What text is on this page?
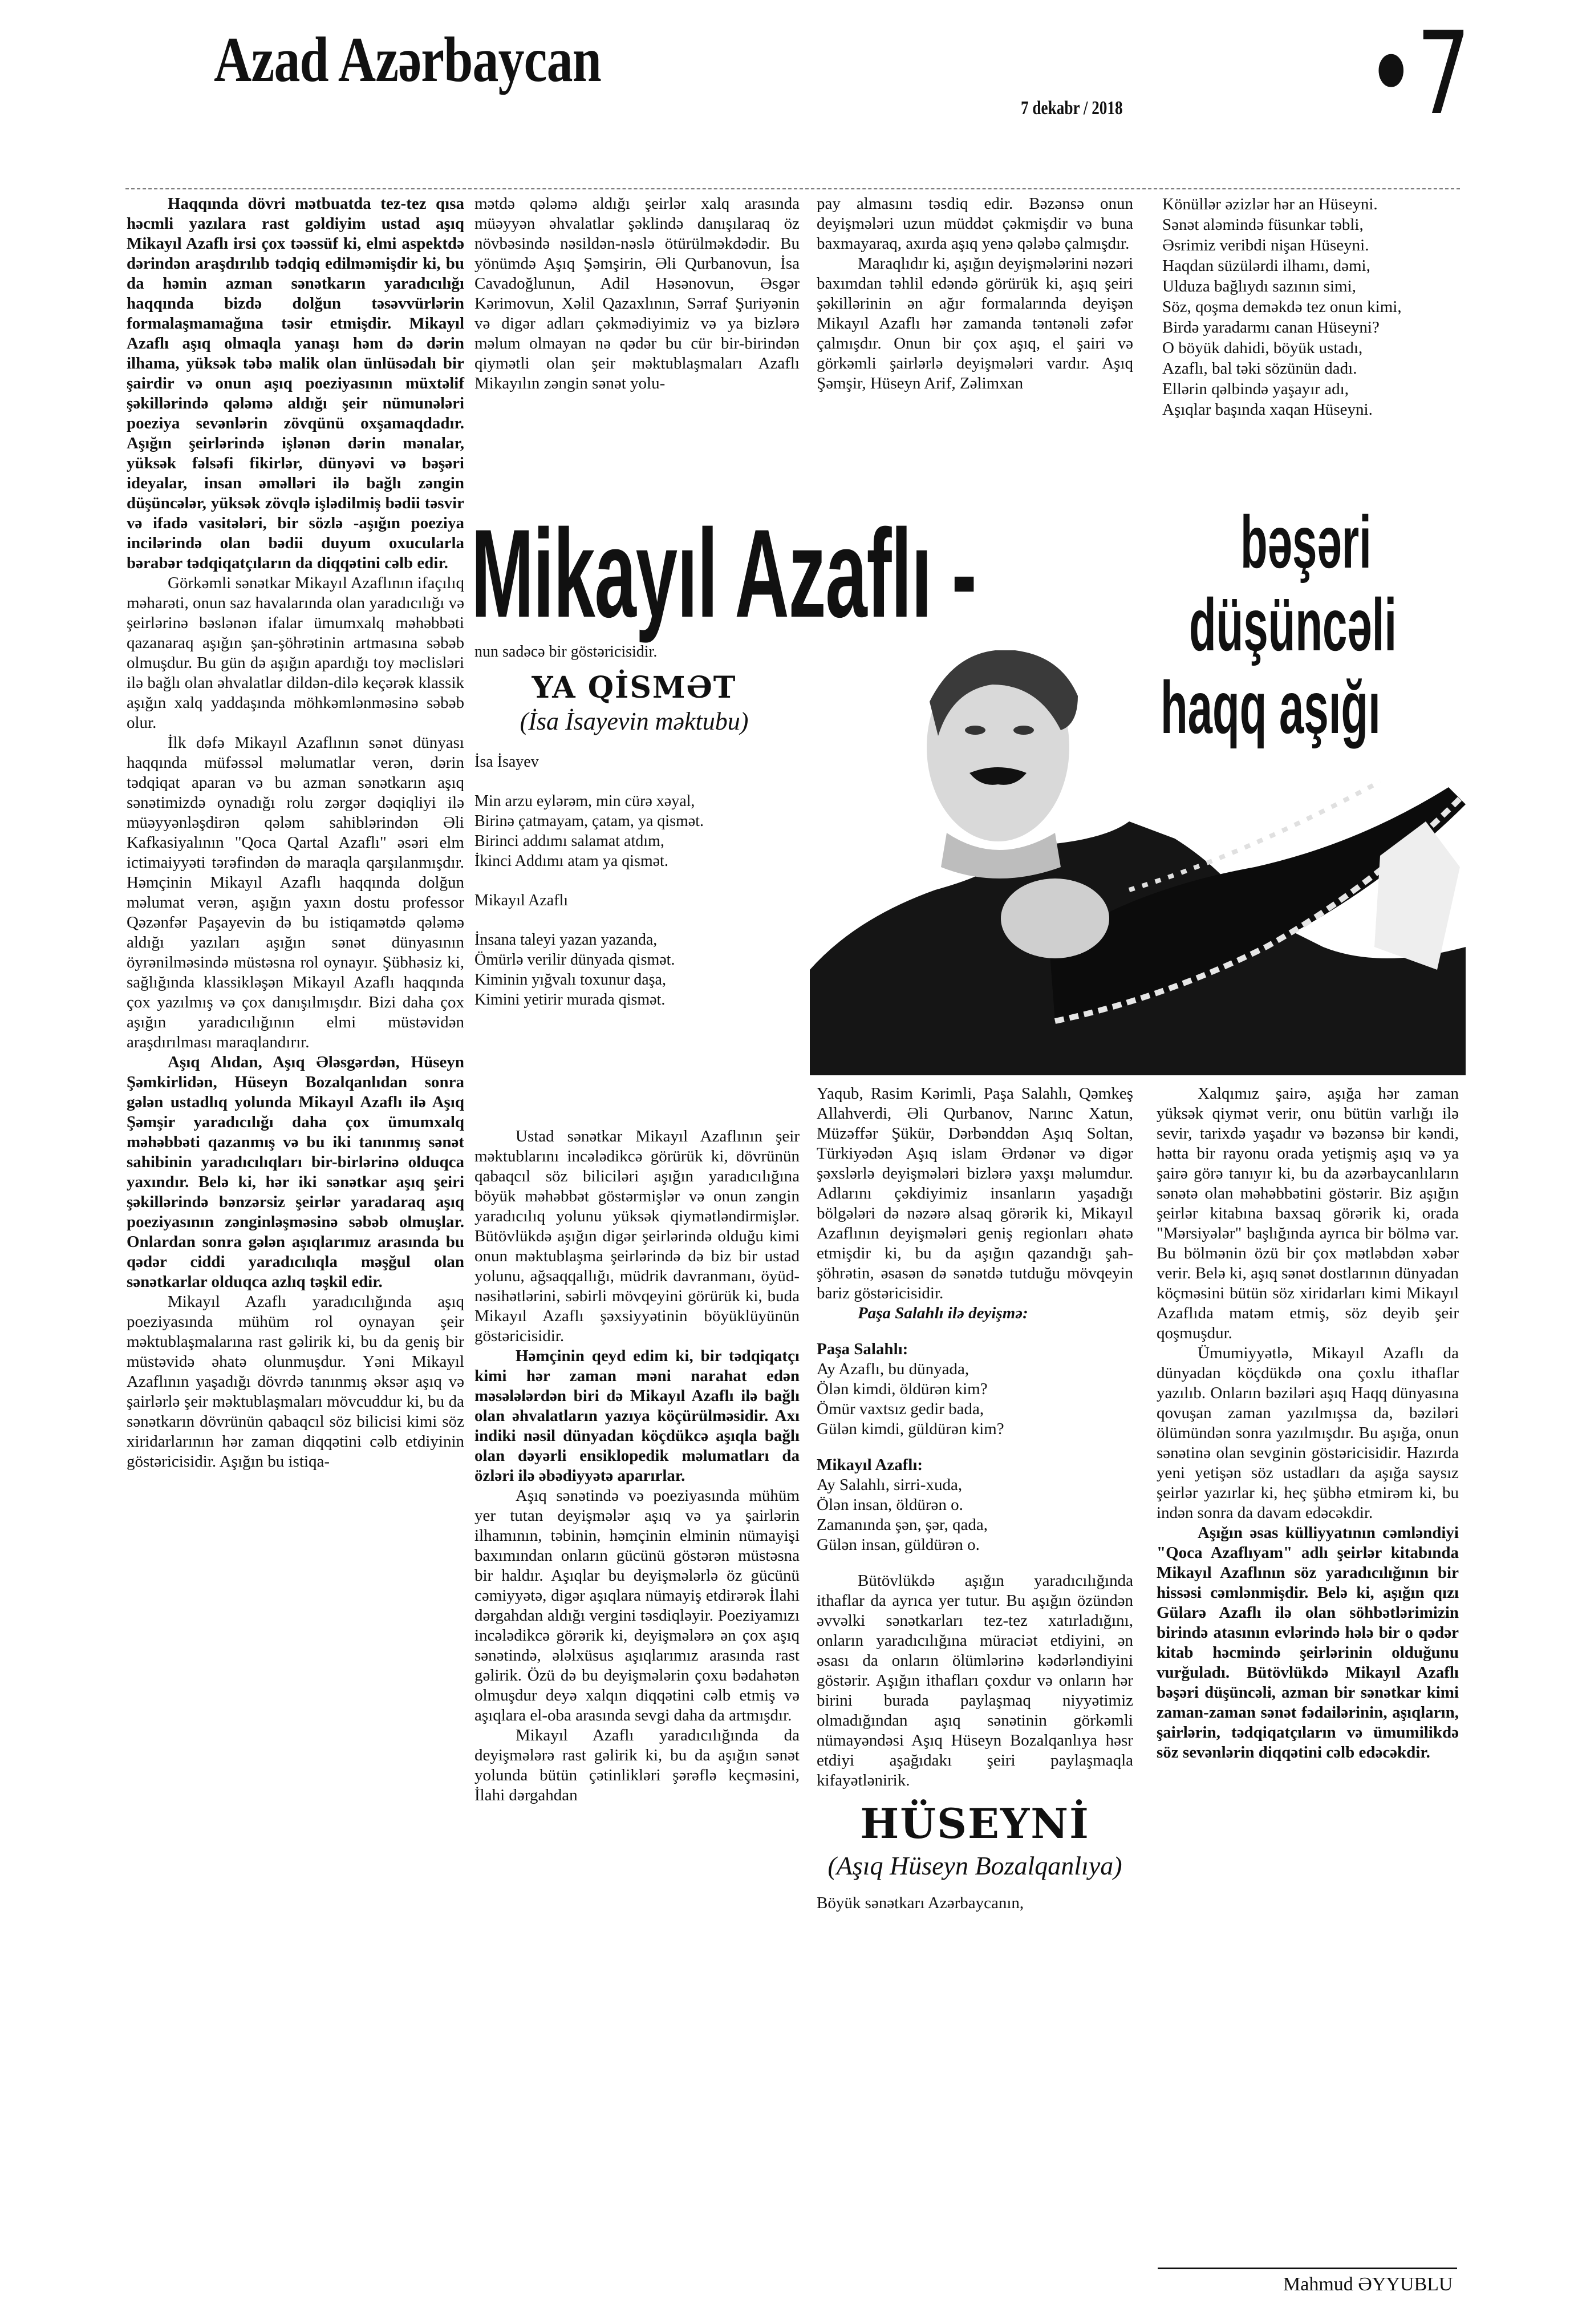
Azad Azərbaycan
7 dekabr / 2018 •7

Haqqında dövri mətbuatda tez-tez qısa həcmli yazılara rast gəldiyim ustad aşıq Mikayıl Azaflı irsi çox təəssüf ki, elmi aspektdə dərindən araşdırılıb tədqiq edilməmişdir ki, bu da həmin azman sənətkarın yaradıcılığı haqqında bizdə dolğun təsəvvürlərin formalaşmamağına təsir etmişdir. Mikayıl Azaflı aşıq olmaqla yanaşı həm də dərin ilhama, yüksək təbə malik olan ünlüsədalı bir şairdir və onun aşıq poeziyasının müxtəlif şəkillərində qələmə aldığı şeir nümunələri poeziya sevənlərin zövqünü oxşamaqdadır. Aşığın şeirlərində işlənən dərin mənalar, yüksək fəlsəfi fikirlər, dünyəvi və bəşəri ideyalar, insan əməlləri ilə bağlı zəngin düşüncələr, yüksək zövqlə işlədilmiş bədii təsvir və ifadə vasitələri, bir sözlə -aşığın poeziya incilərində olan bədii duyum oxucularla bərabər tədqiqatçıların da diqqətini cəlb edir.

Görkəmli sənətkar Mikayıl Azaflının ifaçılıq məharəti, onun saz havalarında olan yaradıcılığı və şeirlərinə bəslənən ifalar ümumxalq məhəbbəti qazanaraq aşığın şan-şöhrətinin artmasına səbəb olmuşdur. Bu gün də aşığın apardığı toy məclisləri ilə bağlı olan əhvalatlar dildən-dilə keçərək klassik aşığın xalq yaddaşında möhkəmlənməsinə səbəb olur.

İlk dəfə Mikayıl Azaflının sənət dünyası haqqında müfəssəl məlumatlar verən, dərin tədqiqat aparan və bu azman sənətkarın aşıq sənətimizdə oynadığı rolu zərgər dəqiqliyi ilə müəyyənləşdirən qələm sahiblərindən Əli Kafkasiyalının "Qoca Qartal Azaflı" əsəri elm ictimaiyyəti tərəfindən də maraqla qarşılanmışdır. Həmçinin Mikayıl Azaflı haqqında dolğun məlumat verən, aşığın yaxın dostu professor Qəzənfər Paşayevin də bu istiqamətdə qələmə aldığı yazıları aşığın sənət dünyasının öyrənilməsində müstəsna rol oynayır. Şübhəsiz ki, sağlığında klassikləşən Mikayıl Azaflı haqqında çox yazılmış və çox danışılmışdır. Bizi daha çox aşığın yaradıcılığının elmi müstəvidən araşdırılması maraqlandırır.

Aşıq Alıdan, Aşıq Ələsgərdən, Hüseyn Şəmkirlidən, Hüseyn Bozalqanlıdan sonra gələn ustadlıq yolunda Mikayıl Azaflı ilə Aşıq Şəmşir yaradıcılığı daha çox ümumxalq məhəbbəti qazanmış və bu iki tanınmış sənət sahibinin yaradıcılıqları bir-birlərinə olduqca yaxındır. Belə ki, hər iki sənətkar aşıq şeiri şəkillərində bənzərsiz şeirlər yaradaraq aşıq poeziyasının zənginləşməsinə səbəb olmuşlar. Onlardan sonra gələn aşıqlarımız arasında bu qədər ciddi yaradıcılıqla məşğul olan sənətkarlar olduqca azlıq təşkil edir.

Mikayıl Azaflı yaradıcılığında aşıq poeziyasında mühüm rol oynayan şeir məktublaşmalarına rast gəlirik ki, bu da geniş bir müstəvidə əhatə olunmuşdur. Yəni Mikayıl Azaflının yaşadığı dövrdə tanınmış əksər aşıq və şairlərlə şeir məktublaşmaları mövcuddur ki, bu da sənətkarın dövrünün qabaqcıl söz bilicisi kimi söz xiridarlarının hər zaman diqqətini cəlb etdiyinin göstəricisidir. Aşığın bu istiqa-

mətdə qələmə aldığı şeirlər xalq arasında müəyyən əhvalatlar şəklində danışılaraq öz növbəsində nəsildən-nəslə ötürülməkdədir. Bu yönümdə Aşıq Şəmşirin, Əli Qurbanovun, İsa Cavadoğlunun, Adil Həsənovun, Əsgər Kərimovun, Xəlil Qazaxlının, Sərraf Şuriyənin və digər adları çəkmədiyimiz və ya bizlərə məlum olmayan nə qədər bu cür bir-birindən qiymətli olan şeir məktublaşmaları Azaflı Mikayılın zəngin sənət yolu-

pay almasını təsdiq edir. Bəzənsə onun deyişmələri uzun müddət çəkmişdir və buna baxmayaraq, axırda aşıq yenə qələbə çalmışdır.

Maraqlıdır ki, aşığın deyişmələrini nəzəri baxımdan təhlil edəndə görürük ki, aşıq şeiri şəkillərinin ən ağır formalarında deyişən Mikayıl Azaflı hər zamanda təntənəli zəfər çalmışdır. Onun bir çox aşıq, el şairi və görkəmli şairlərlə deyişmələri vardır. Aşıq Şəmşir, Hüseyn Arif, Zəlimxan

Könüllər əzizlər hər an Hüseyni.
Sənət aləmində füsunkar təbli,
Əsrimiz veribdi nişan Hüseyni.
Haqdan süzülərdi ilhamı, dəmi,
Ulduza bağlıydı sazının simi,
Söz, qoşma deməkdə tez onun kimi,
Birdə yaradarmı canan Hüseyni?
O böyük dahidi, böyük ustadı,
Azaflı, bal təki sözünün dadı.
Ellərin qəlbində yaşayır adı,
Aşıqlar başında xaqan Hüseyni.
Mikayıl Azaflı -	bəşəri
düşüncəli
haqq aşığı
nun sadəcə bir göstəricisidir.
YA QİSMƏT
(İsa İsayevin məktubu)
İsa İsayev
Min arzu eylərəm, min cürə xəyal,
Birinə çatmayam, çatam, ya qismət.
Birinci addımı salamat atdım,
İkinci Addımı atam ya qismət.
Mikayıl Azaflı
İnsana taleyi yazan yazanda,
Ömürlə verilir dünyada qismət.
Kiminin yığvalı toxunur daşa,
Kimini yetirir murada qismət.

Ustad sənətkar Mikayıl Azaflının şeir məktublarını incələdikcə görürük ki, dövrünün qabaqcıl söz biliciləri aşığın yaradıcılığına böyük məhəbbət göstərmişlər və onun zəngin yaradıcılıq yolunu yüksək qiymətləndirmişlər. Bütövlükdə aşığın digər şeirlərində olduğu kimi onun məktublaşma şeirlərində də biz bir ustad yolunu, ağsaqqallığı, müdrik davranmanı, öyüd-nəsihətlərini, səbirli mövqeyini görürük ki, buda Mikayıl Azaflı şəxsiyyətinin böyüklüyünün göstəricisidir.

Həmçinin qeyd edim ki, bir tədqiqatçı kimi hər zaman məni narahat edən məsələlərdən biri də Mikayıl Azaflı ilə bağlı olan əhvalatların yazıya köçürülməsidir. Axı indiki nəsil dünyadan köçdükcə aşıqla bağlı olan dəyərli ensiklopedik məlumatları da özləri ilə əbədiyyətə aparırlar.

Aşıq sənətində və poeziyasında mühüm yer tutan deyişmələr aşıq və ya şairlərin ilhamının, təbinin, həmçinin elminin nümayişi baxımından onların gücünü göstərən müstəsna bir haldır. Aşıqlar bu deyişmələrlə öz gücünü cəmiyyətə, digər aşıqlara nümayiş etdirərək İlahi dərgahdan aldığı vergini təsdiqləyir. Poeziyamızı incələdikcə görərik ki, deyişmələrə ən çox aşıq sənətində, ələlxüsus aşıqlarımız arasında rast gəlirik. Özü də bu deyişmələrin çoxu bədahətən olmuşdur deyə xalqın diqqətini cəlb etmiş və aşıqlara el-oba arasında sevgi daha da artmışdır.

Mikayıl Azaflı yaradıcılığında da deyişmələrə rast gəlirik ki, bu da aşığın sənət yolunda bütün çətinlikləri şərəflə keçməsini, İlahi dərgahdan

Yaqub, Rasim Kərimli, Paşa Salahlı, Qəmkeş Allahverdi, Əli Qurbanov, Narınc Xatun, Müzəffər Şükür, Dərbənddən Aşıq Soltan, Türkiyədən Aşıq islam Ərdənər və digər şəxslərlə deyişmələri bizlərə yaxşı məlumdur. Adlarını çəkdiyimiz insanların yaşadığı bölgələri də nəzərə alsaq görərik ki, Mikayıl Azaflının deyişmələri geniş regionları əhatə etmişdir ki, bu da aşığın qazandığı şah-şöhrətin, əsasən də sənətdə tutduğu mövqeyin bariz göstəricisidir.

Paşa Salahlı ilə deyişmə:

Paşa Salahlı:
Ay Azaflı, bu dünyada,
Ölən kimdi, öldürən kim?
Ömür vaxtsız gedir bada,
Gülən kimdi, güldürən kim?
Mikayıl Azaflı:
Ay Salahlı, sirri-xuda,
Ölən insan, öldürən o.
Zamanında şən, şər, qada,
Gülən insan, güldürən o.

Bütövlükdə aşığın yaradıcılığında ithaflar da ayrıca yer tutur. Bu aşığın özündən əvvəlki sənətkarları tez-tez xatırladığını, onların yaradıcılığına müraciət etdiyini, ən əsası da onların ölümlərinə kədərləndiyini göstərir. Aşığın ithafları çoxdur və onların hər birini burada paylaşmaq niyyətimiz olmadığından aşıq sənətinin görkəmli nümayəndəsi Aşıq Hüseyn Bozalqanlıya həsr etdiyi aşağıdakı şeiri paylaşmaqla kifayətlənirik.

HÜSEYNİ
(Aşıq Hüseyn Bozalqanlıya)
Böyük sənətkarı Azərbaycanın,

Xalqımız şairə, aşığa hər zaman yüksək qiymət verir, onu bütün varlığı ilə sevir, tarixdə yaşadır və bəzənsə bir kəndi, hətta bir rayonu orada yetişmiş aşıq və ya şairə görə tanıyır ki, bu da azərbaycanlıların sənətə olan məhəbbətini göstərir. Biz aşığın şeirlər kitabına baxsaq görərik ki, orada "Mərsiyələr" başlığında ayrıca bir bölmə var. Bu bölmənin özü bir çox mətləbdən xəbər verir. Belə ki, aşıq sənət dostlarının dünyadan köçməsini bütün söz xiridarları kimi Mikayıl Azaflıda matəm etmiş, söz deyib şeir qoşmuşdur.

Ümumiyyətlə, Mikayıl Azaflı da dünyadan köçdükdə ona çoxlu ithaflar yazılıb. Onların bəziləri aşıq Haqq dünyasına qovuşan zaman yazılmışsa da, bəziləri ölümündən sonra yazılmışdır. Bu aşığa, onun sənətinə olan sevginin göstəricisidir. Hazırda yeni yetişən söz ustadları da aşığa saysız şeirlər yazırlar ki, heç şübhə etmirəm ki, bu indən sonra da davam edəcəkdir.

Aşığın əsas külliyyatının cəmləndiyi "Qoca Azaflıyam" adlı şeirlər kitabında Mikayıl Azaflının söz yaradıcılığının bir hissəsi cəmlənmişdir. Belə ki, aşığın qızı Gülarə Azaflı ilə olan söhbətlərimizin birində atasının evlərində hələ bir o qədər kitab həcmində şeirlərinin olduğunu vurğuladı. Bütövlükdə Mikayıl Azaflı bəşəri düşüncəli, azman bir sənətkar kimi zaman-zaman sənət fədailərinin, aşıqların, şairlərin, tədqiqatçıların və ümumilikdə söz sevənlərin diqqətini cəlb edəcəkdir.

Mahmud ƏYYUBLU
